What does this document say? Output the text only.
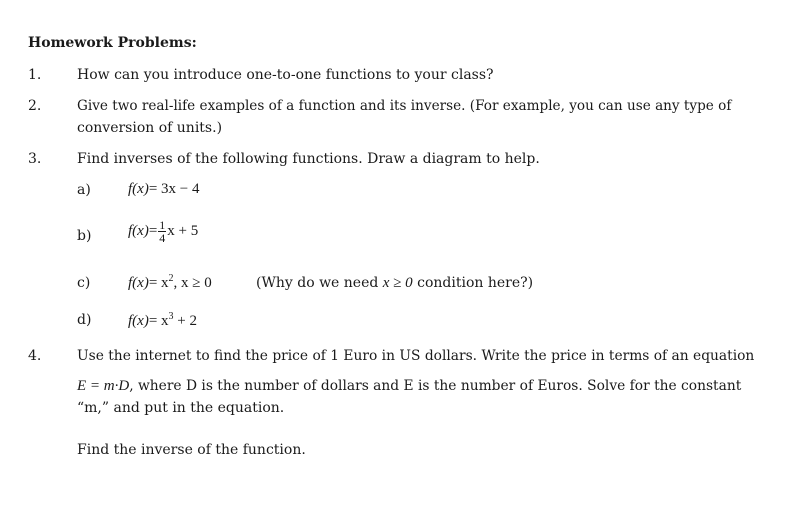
Homework Problems:
1.	How can you introduce one-to-one functions to your class?
2.	Give two real-life examples of a function and its inverse. (For example, you can use any type of
conversion of units.)
3.	Find inverses of the following functions. Draw a diagram to help.
a) f(x)= 3x − 4
b) $f(x)= \frac{1}{4}$ x + 5
c)	$f(x)= x^2$, x ≥ 0	(Why do we need x ≥ 0 condition here?)
d) $f(x)= x^3 + 2$
4.	Use the internet to find the price of 1 Euro in US dollars. Write the price in terms of an equation
E = m·D, where D is the number of dollars and E is the number of Euros. Solve for the constant
“m,” and put in the equation.
Find the inverse of the function.
